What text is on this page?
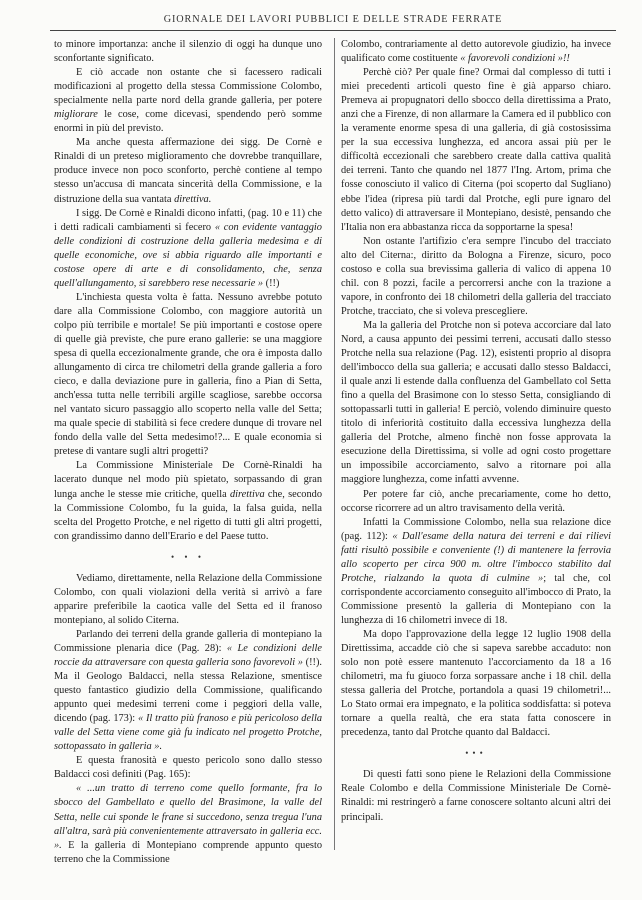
GIORNALE DEI LAVORI PUBBLICI E DELLE STRADE FERRATE

to minore importanza: anche il silenzio di oggi ha dunque uno sconfortante significato.

E ciò accade non ostante che si facessero radicali modificazioni al progetto della stessa Commissione Colombo, specialmente nella parte nord della grande galleria, per potere migliorare le cose, come dicevasi, spendendo però somme enormi in più del previsto.

Ma anche questa affermazione dei sigg. De Cornè e Rinaldi di un preteso miglioramento che dovrebbe tranquillare, produce invece non poco sconforto, perchè contiene al tempo stesso un'accusa di mancata sincerità della Commissione, e la distruzione della sua vantata direttiva.

I sigg. De Cornè e Rinaldi dicono infatti, (pag. 10 e 11) che i detti radicali cambiamenti si fecero « con evidente vantaggio delle condizioni di costruzione della galleria medesima e di quelle economiche, ove si abbia riguardo alle importanti e costose opere di arte e di consolidamento, che, senza quell'allungamento, si sarebbero rese necessarie » (!!)

L'inchiesta questa volta è fatta. Nessuno avrebbe potuto dare alla Commissione Colombo, con maggiore autorità un colpo più terribile e mortale! Se più importanti e costose opere di quelle già previste, che pure erano gallerie: se una maggiore spesa di quella eccezionalmente grande, che ora è imposta dallo allungamento di circa tre chilometri della grande galleria a foro cieco, e dalla deviazione pure in galleria, fino a Pian di Setta, anch'essa tutta nelle terribili argille scagliose, sarebbe occorsa nel vantato sicuro passaggio allo scoperto nella valle del Setta; ma quale specie di stabilità si fece credere dunque di trovare nel fondo della valle del Setta medesimo!?... E quale economia si pretese di vantare sugli altri progetti?

La Commissione Ministeriale De Cornè-Rinaldi ha lacerato dunque nel modo più spietato, sorpassando di gran lunga anche le stesse mie critiche, quella direttiva che, secondo la Commissione Colombo, fu la guida, la falsa guida, nella scelta del Progetto Protche, e nel rigetto di tutti gli altri progetti, con grandissimo danno dell'Erario e del Paese tutto.

• • •

Vediamo, direttamente, nella Relazione della Commissione Colombo, con quali violazioni della verità si arrivò a fare apparire preferibile la caotica valle del Setta ed il franoso montepiano, al solido Citerna.

Parlando dei terreni della grande galleria di montepiano la Commissione plenaria dice (Pag. 28): « Le condizioni delle roccie da attraversare con questa galleria sono favorevoli » (!!). Ma il Geologo Baldacci, nella stessa Relazione, smentisce questo fantastico giudizio della Commissione, qualificando appunto quei medesimi terreni come i peggiori della valle, dicendo (pag. 173): « Il tratto più franoso e più pericoloso della valle del Setta viene come già fu indicato nel progetto Protche, sottopassato in galleria ».

E questa franosità e questo pericolo sono dallo stesso Baldacci così definiti (Pag. 165):

« ...un tratto di terreno come quello formante, fra lo sbocco del Gambellato e quello del Brasimone, la valle del Setta, nelle cui sponde le frane si succedono, senza tregua l'una all'altra, sarà più convenientemente attraversato in galleria ecc. ». E la galleria di Montepiano comprende appunto questo terreno che la Commissione

Colombo, contrariamente al detto autorevole giudizio, ha invece qualificato come costituente « favorevoli condizioni »!!

Perchè ciò? Per quale fine? Ormai dal complesso di tutti i miei precedenti articoli questo fine è già apparso chiaro. Premeva ai propugnatori dello sbocco della direttissima a Prato, anzi che a Firenze, di non allarmare la Camera ed il pubblico con la veramente enorme spesa di una galleria, di già costosissima per la sua eccessiva lunghezza, ed ancora assai più per le difficoltà eccezionali che sarebbero create dalla cattiva qualità dei terreni. Tanto che quando nel 1877 l'Ing. Artom, prima che fosse conosciuto il valico di Citerna (poi scoperto dal Sugliano) ebbe l'idea (ripresa più tardi dal Protche, egli pure ignaro del detto valico) di attraversare il Montepiano, desistè, pensando che l'Italia non era abbastanza ricca da sopportarne la spesa!

Non ostante l'artifizio c'era sempre l'incubo del tracciato alto del Citerna:, diritto da Bologna a Firenze, sicuro, poco costoso e colla sua brevissima galleria di valico di appena 10 chil. con 8 pozzi, facile a percorrersi anche con la trazione a vapore, in confronto dei 18 chilometri della galleria del tracciato Protche, tracciato, che si voleva prescegliere.

Ma la galleria del Protche non si poteva accorciare dal lato Nord, a causa appunto dei pessimi terreni, accusati dallo stesso Protche nella sua relazione (Pag. 12), esistenti proprio al disopra dell'imbocco della sua galleria; e accusati dallo stesso Baldacci, il quale anzi li estende dalla confluenza del Gambellato col Setta fino a quella del Brasimone con lo stesso Setta, consigliando di sottopassarli tutti in galleria! E perciò, volendo diminuire questo titolo di inferiorità costituito dalla eccessiva lunghezza della galleria del Protche, almeno finchè non fosse approvata la esecuzione della Direttissima, si volle ad ogni costo progettare un impossibile accorciamento, salvo a ritornare poi alla maggiore lunghezza, come infatti avvenne.

Per potere far ciò, anche precariamente, come ho detto, occorse ricorrere ad un altro travisamento della verità.

Infatti la Commissione Colombo, nella sua relazione dice (pag. 112): « Dall'esame della natura dei terreni e dai rilievi fatti risultò possibile e conveniente (!) di mantenere la ferrovia allo scoperto per circa 900 m. oltre l'imbocco stabilito dal Protche, rialzando la quota di culmine »; tal che, col corrispondente accorciamento conseguito all'imbocco di Prato, la Commissione presentò la galleria di Montepiano con la lunghezza di 16 chilometri invece di 18.

Ma dopo l'approvazione della legge 12 luglio 1908 della Direttissima, accadde ciò che si sapeva sarebbe accaduto: non solo non potè essere mantenuto l'accorciamento da 18 a 16 chilometri, ma fu giuoco forza sorpassare anche i 18 chil. della stessa galleria del Protche, portandola a quasi 19 chilometri!... Lo Stato ormai era impegnato, e la politica soddisfatta: si poteva tornare a quella realtà, che era stata fatta conoscere in precedenza, tanto dal Protche quanto dal Baldacci.

•••

Di questi fatti sono piene le Relazioni della Commissione Reale Colombo e della Commissione Ministeriale De Cornè-Rinaldi: mi restringerò a farne conoscere soltanto alcuni altri dei principali.
